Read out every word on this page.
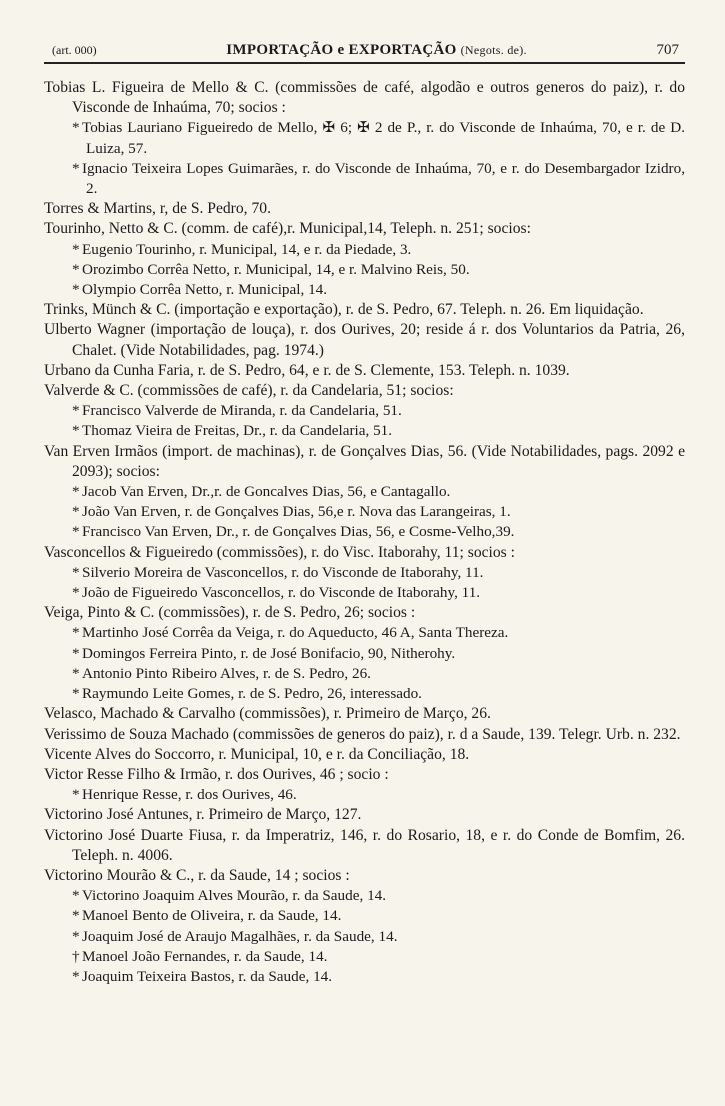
(art. 000)	IMPORTAÇÃO e EXPORTAÇÃO (Negots. de).	707

Tobias L. Figueira de Mello & C. (commissões de café, algodão e outros generos do paiz), r. do Visconde de Inhaúma, 70; socios :

* Tobias Lauriano Figueiredo de Mello, ✠ 6; ✠ 2 de P., r. do Visconde de Inhaúma, 70, e r. de D. Luiza, 57.

* Ignacio Teixeira Lopes Guimarães, r. do Visconde de Inhaúma, 70, e r. do Desembargador Izidro, 2.

Torres & Martins, r, de S. Pedro, 70.

Tourinho, Netto & C. (comm. de café),r. Municipal,14, Teleph. n. 251; socios:

* Eugenio Tourinho, r. Municipal, 14, e r. da Piedade, 3.

* Orozimbo Corrêa Netto, r. Municipal, 14, e r. Malvino Reis, 50.

* Olympio Corrêa Netto, r. Municipal, 14.

Trinks, Münch & C. (importação e exportação), r. de S. Pedro, 67. Teleph. n. 26. Em liquidação.

Ulberto Wagner (importação de louça), r. dos Ourives, 20; reside á r. dos Voluntarios da Patria, 26, Chalet. (Vide Notabilidades, pag. 1974.)

Urbano da Cunha Faria, r. de S. Pedro, 64, e r. de S. Clemente, 153. Teleph. n. 1039.

Valverde & C. (commissões de café), r. da Candelaria, 51; socios:

* Francisco Valverde de Miranda, r. da Candelaria, 51.

* Thomaz Vieira de Freitas, Dr., r. da Candelaria, 51.

Van Erven Irmãos (import. de machinas), r. de Gonçalves Dias, 56. (Vide Notabilidades, pags. 2092 e 2093); socios:

* Jacob Van Erven, Dr.,r. de Goncalves Dias, 56, e Cantagallo.

* João Van Erven, r. de Gonçalves Dias, 56,e r. Nova das Larangeiras, 1.

* Francisco Van Erven, Dr., r. de Gonçalves Dias, 56, e Cosme-Velho,39.

Vasconcellos & Figueiredo (commissões), r. do Visc. Itaborahy, 11; socios :

* Silverio Moreira de Vasconcellos, r. do Visconde de Itaborahy, 11.

* João de Figueiredo Vasconcellos, r. do Visconde de Itaborahy, 11.

Veiga, Pinto & C. (commissões), r. de S. Pedro, 26; socios :

* Martinho José Corrêa da Veiga, r. do Aqueducto, 46 A, Santa Thereza.

* Domingos Ferreira Pinto, r. de José Bonifacio, 90, Nitherohy.

* Antonio Pinto Ribeiro Alves, r. de S. Pedro, 26.

* Raymundo Leite Gomes, r. de S. Pedro, 26, interessado.

Velasco, Machado & Carvalho (commissões), r. Primeiro de Março, 26.

Verissimo de Souza Machado (commissões de generos do paiz), r. d a Saude, 139. Telegr. Urb. n. 232.

Vicente Alves do Soccorro, r. Municipal, 10, e r. da Conciliação, 18.

Victor Resse Filho & Irmão, r. dos Ourives, 46 ; socio :

* Henrique Resse, r. dos Ourives, 46.

Victorino José Antunes, r. Primeiro de Março, 127.

Victorino José Duarte Fiusa, r. da Imperatriz, 146, r. do Rosario, 18, e r. do Conde de Bomfim, 26. Teleph. n. 4006.

Victorino Mourão & C., r. da Saude, 14 ; socios :

* Victorino Joaquim Alves Mourão, r. da Saude, 14.

* Manoel Bento de Oliveira, r. da Saude, 14.

* Joaquim José de Araujo Magalhães, r. da Saude, 14.

† Manoel João Fernandes, r. da Saude, 14.

* Joaquim Teixeira Bastos, r. da Saude, 14.
